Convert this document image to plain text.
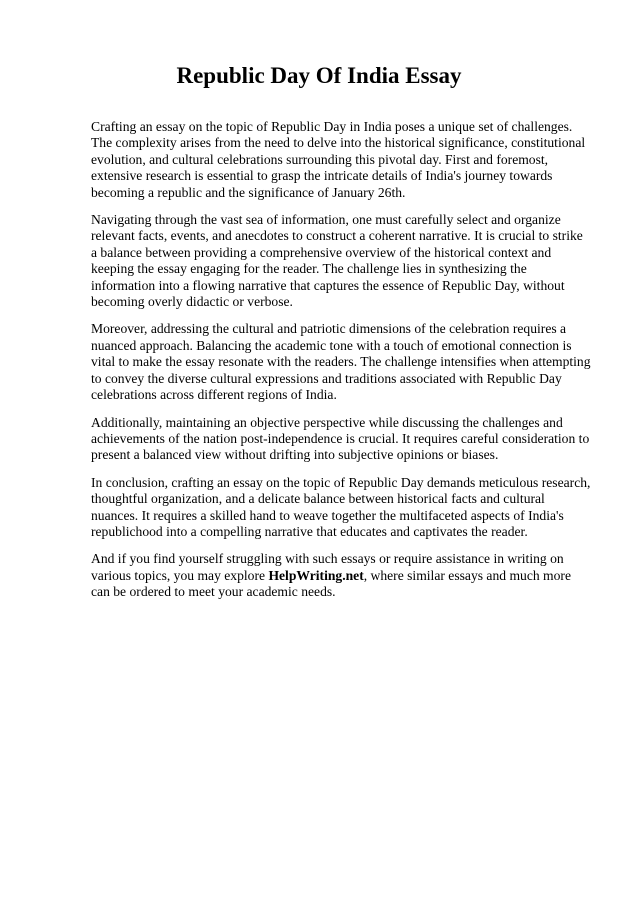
Republic Day Of India Essay

Crafting an essay on the topic of Republic Day in India poses a unique set of challenges. The complexity arises from the need to delve into the historical significance, constitutional evolution, and cultural celebrations surrounding this pivotal day. First and foremost, extensive research is essential to grasp the intricate details of India's journey towards becoming a republic and the significance of January 26th.

Navigating through the vast sea of information, one must carefully select and organize relevant facts, events, and anecdotes to construct a coherent narrative. It is crucial to strike a balance between providing a comprehensive overview of the historical context and keeping the essay engaging for the reader. The challenge lies in synthesizing the information into a flowing narrative that captures the essence of Republic Day, without becoming overly didactic or verbose.

Moreover, addressing the cultural and patriotic dimensions of the celebration requires a nuanced approach. Balancing the academic tone with a touch of emotional connection is vital to make the essay resonate with the readers. The challenge intensifies when attempting to convey the diverse cultural expressions and traditions associated with Republic Day celebrations across different regions of India.

Additionally, maintaining an objective perspective while discussing the challenges and achievements of the nation post-independence is crucial. It requires careful consideration to present a balanced view without drifting into subjective opinions or biases.

In conclusion, crafting an essay on the topic of Republic Day demands meticulous research, thoughtful organization, and a delicate balance between historical facts and cultural nuances. It requires a skilled hand to weave together the multifaceted aspects of India's republichood into a compelling narrative that educates and captivates the reader.

And if you find yourself struggling with such essays or require assistance in writing on various topics, you may explore HelpWriting.net, where similar essays and much more can be ordered to meet your academic needs.
